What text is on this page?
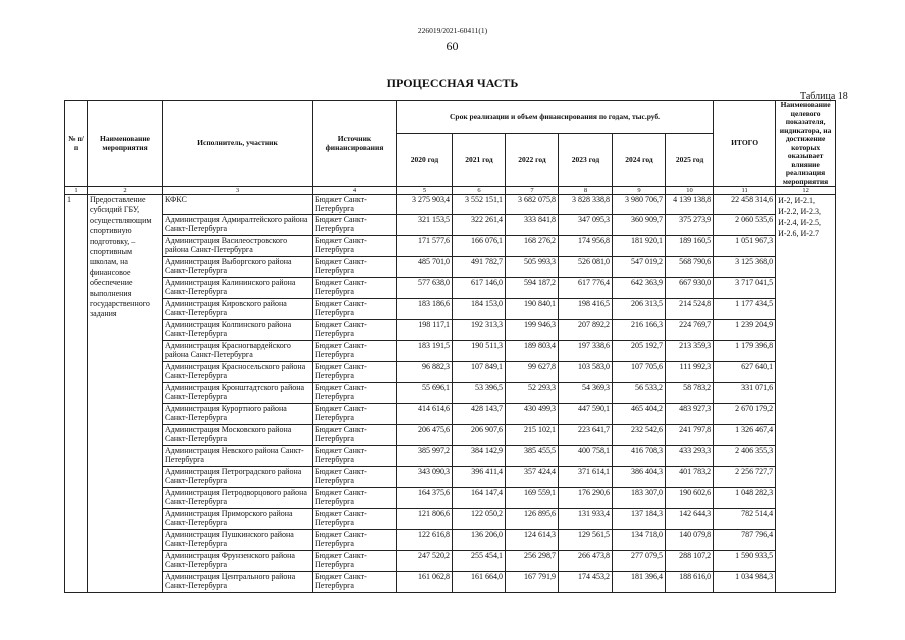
226019/2021-60411(1)
60
ПРОЦЕССНАЯ ЧАСТЬ
Таблица 18
№ п/п	Наименование мероприятия	Исполнитель, участник	Источник финансирования	Срок реализации и объем финансирования по годам, тыс.руб.						ИТОГО	Наименование целевого показателя, индикатора, на достижение которых оказывает влияние реализация мероприятия
				2020 год	2021 год	2022 год	2023 год	2024 год	2025 год		
1	2	3	4	5	6	7	8	9	10	11	12
1	Предоставление субсидий ГБУ, осуществляющим спортивную подготовку, – спортивным школам, на финансовое обеспечение выполнения государственного задания	КФКС	Бюджет Санкт-Петербурга	3 275 903,4	3 552 151,1	3 682 075,8	3 828 338,8	3 980 706,7	4 139 138,8	22 458 314,6	И-2, И-2.1, И-2.2, И-2.3, И-2.4, И-2.5, И-2.6, И-2.7
		Администрация Адмиралтейского района Санкт-Петербурга	Бюджет Санкт-Петербурга	321 153,5	322 261,4	333 841,8	347 095,3	360 909,7	375 273,9	2 060 535,6	
		Администрация Василеостровского района Санкт-Петербурга	Бюджет Санкт-Петербурга	171 577,6	166 076,1	168 276,2	174 956,8	181 920,1	189 160,5	1 051 967,3	
		Администрация Выборгского района Санкт-Петербурга	Бюджет Санкт-Петербурга	485 701,0	491 782,7	505 993,3	526 081,0	547 019,2	568 790,6	3 125 368,0	
		Администрация Калининского района Санкт-Петербурга	Бюджет Санкт-Петербурга	577 638,0	617 146,0	594 187,2	617 776,4	642 363,9	667 930,0	3 717 041,5	
		Администрация Кировского района Санкт-Петербурга	Бюджет Санкт-Петербурга	183 186,6	184 153,0	190 840,1	198 416,5	206 313,5	214 524,8	1 177 434,5	
		Администрация Колпинского района Санкт-Петербурга	Бюджет Санкт-Петербурга	198 117,1	192 313,3	199 946,3	207 892,2	216 166,3	224 769,7	1 239 204,9	
		Администрация Красногвардейского района Санкт-Петербурга	Бюджет Санкт-Петербурга	183 191,5	190 511,3	189 803,4	197 338,6	205 192,7	213 359,3	1 179 396,8	
		Администрация Красносельского района Санкт-Петербурга	Бюджет Санкт-Петербурга	96 882,3	107 849,1	99 627,8	103 583,0	107 705,6	111 992,3	627 640,1	
		Администрация Кронштадтского района Санкт-Петербурга	Бюджет Санкт-Петербурга	55 696,1	53 396,5	52 293,3	54 369,3	56 533,2	58 783,2	331 071,6	
		Администрация Курортного района Санкт-Петербурга	Бюджет Санкт-Петербурга	414 614,6	428 143,7	430 499,3	447 590,1	465 404,2	483 927,3	2 670 179,2	
		Администрация Московского района Санкт-Петербурга	Бюджет Санкт-Петербурга	206 475,6	206 907,6	215 102,1	223 641,7	232 542,6	241 797,8	1 326 467,4	
		Администрация Невского района Санкт-Петербурга	Бюджет Санкт-Петербурга	385 997,2	384 142,9	385 455,5	400 758,1	416 708,3	433 293,3	2 406 355,3	
		Администрация Петроградского района Санкт-Петербурга	Бюджет Санкт-Петербурга	343 090,3	396 411,4	357 424,4	371 614,1	386 404,3	401 783,2	2 256 727,7	
		Администрация Петродворцового района Санкт-Петербурга	Бюджет Санкт-Петербурга	164 375,6	164 147,4	169 559,1	176 290,6	183 307,0	190 602,6	1 048 282,3	
		Администрация Приморского района Санкт-Петербурга	Бюджет Санкт-Петербурга	121 806,6	122 050,2	126 895,6	131 933,4	137 184,3	142 644,3	782 514,4	
		Администрация Пушкинского района Санкт-Петербурга	Бюджет Санкт-Петербурга	122 616,8	136 206,0	124 614,3	129 561,5	134 718,0	140 079,8	787 796,4	
		Администрация Фрунзенского района Санкт-Петербурга	Бюджет Санкт-Петербурга	247 520,2	255 454,1	256 298,7	266 473,8	277 079,5	288 107,2	1 590 933,5	
		Администрация Центрального района Санкт-Петербурга	Бюджет Санкт-Петербурга	161 062,8	161 664,0	167 791,9	174 453,2	181 396,4	188 616,0	1 034 984,3	
